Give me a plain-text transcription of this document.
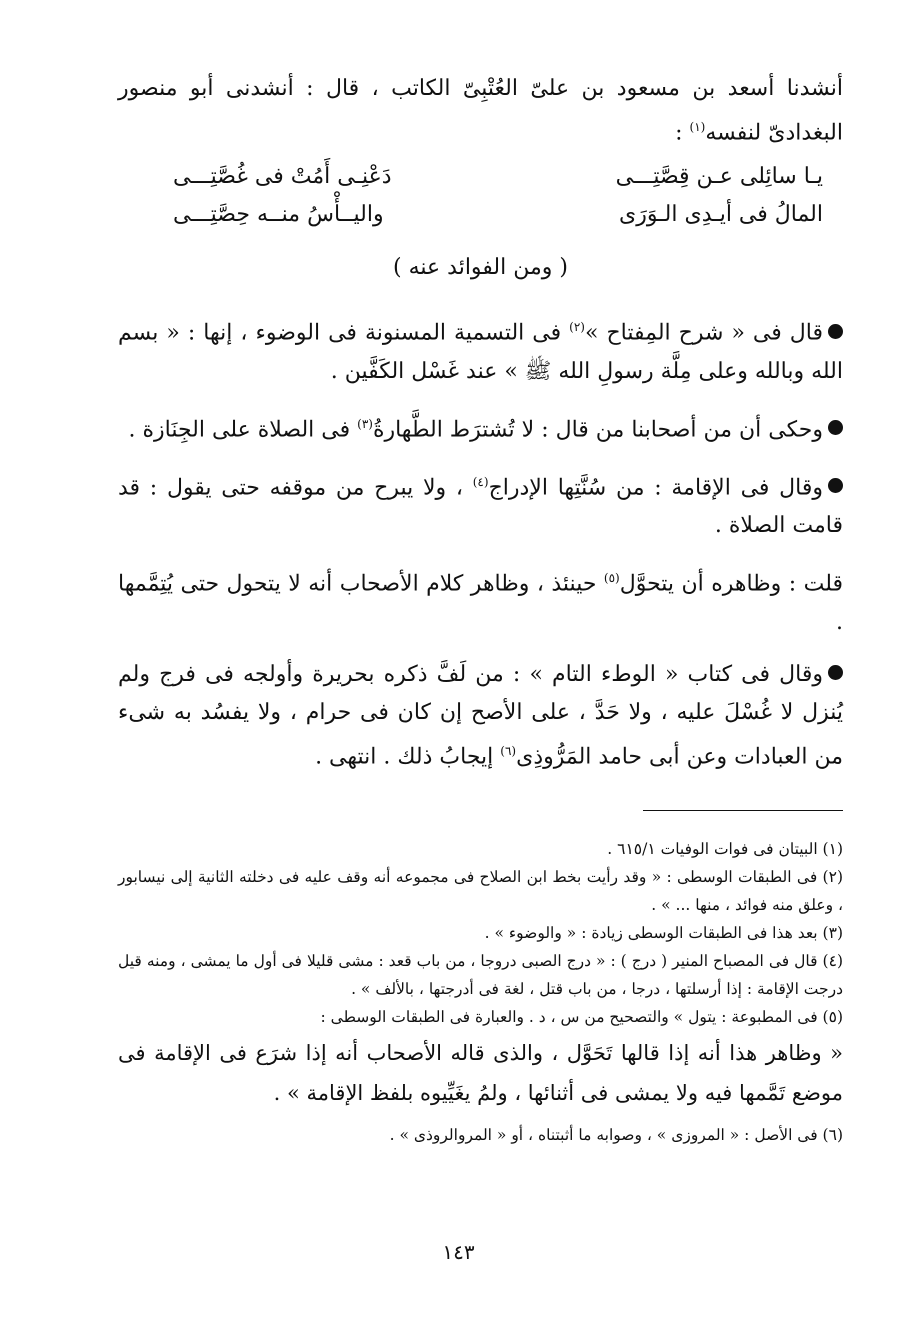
أنشدنا أسعد بن مسعود بن علىّ العُتْبِىّ الكاتب ، قال : أنشدنى أبو منصور البغدادىّ لنفسه$^{(١)}$ :

يـا سائِلى عـن قِصَّتِـــى
دَعْنِـى أَمُتْ فى غُصَّتِـــى
المالُ فى أيـدِى الـوَرَى
واليــأْسُ منــه حِصَّتِـــى
( ومن الفوائد عنه )

قال فى « شرح المِفتاح »$^{(٢)}$ فى التسمية المسنونة فى الوضوء ، إنها : « بسم الله وبالله وعلى مِلَّة رسولِ الله ﷺ » عند غَسْل الكَفَّين .

وحكى أن من أصحابنا من قال : لا تُشترَط الطَّهارةُ$^{(٣)}$ فى الصلاة على الجِنَازة .

وقال فى الإقامة : من سُنَّتِها الإدراج$^{(٤)}$ ، ولا يبرح من موقفه حتى يقول : قد قامت الصلاة .

قلت : وظاهره أن يتحوَّل$^{(٥)}$ حينئذ ، وظاهر كلام الأصحاب أنه لا يتحول حتى يُتِمَّمها .

وقال فى كتاب « الوطء التام » : من لَفَّ ذكره بحريرة وأولجه فى فرج ولم يُنزل لا غُسْلَ عليه ، ولا حَدَّ ، على الأصح إن كان فى حرام ، ولا يفسُد به شىء من العبادات وعن أبى حامد المَرُّوذِى$^{(٦)}$ إيجابُ ذلك . انتهى .

(١) البيتان فى فوات الوفيات ٦١٥/١ .

(٢) فى الطبقات الوسطى : « وقد رأيت بخط ابن الصلاح فى مجموعه أنه وقف عليه فى دخلته الثانية إلى نيسابور ، وعلق منه فوائد ، منها ... » .

(٣) بعد هذا فى الطبقات الوسطى زيادة : « والوضوء » .

(٤) قال فى المصباح المنير ( درج ) : « درج الصبى دروجا ، من باب قعد : مشى قليلا فى أول ما يمشى ، ومنه قيل درجت الإقامة : إذا أرسلتها ، درجا ، من باب قتل ، لغة فى أدرجتها ، بالألف » .

(٥) فى المطبوعة : يتول » والتصحيح من س ، د . والعبارة فى الطبقات الوسطى :

« وظاهر هذا أنه إذا قالها تَحَوَّل ، والذى قاله الأصحاب أنه إذا شرَع فى الإقامة فى موضع تَمَّمها فيه ولا يمشى فى أثنائها ، ولمُ يغَيِّيوه بلفظ الإقامة » .

(٦) فى الأصل : « المروزى » ، وصوابه ما أثبتناه ، أو « المروالروذى » .

١٤٣
